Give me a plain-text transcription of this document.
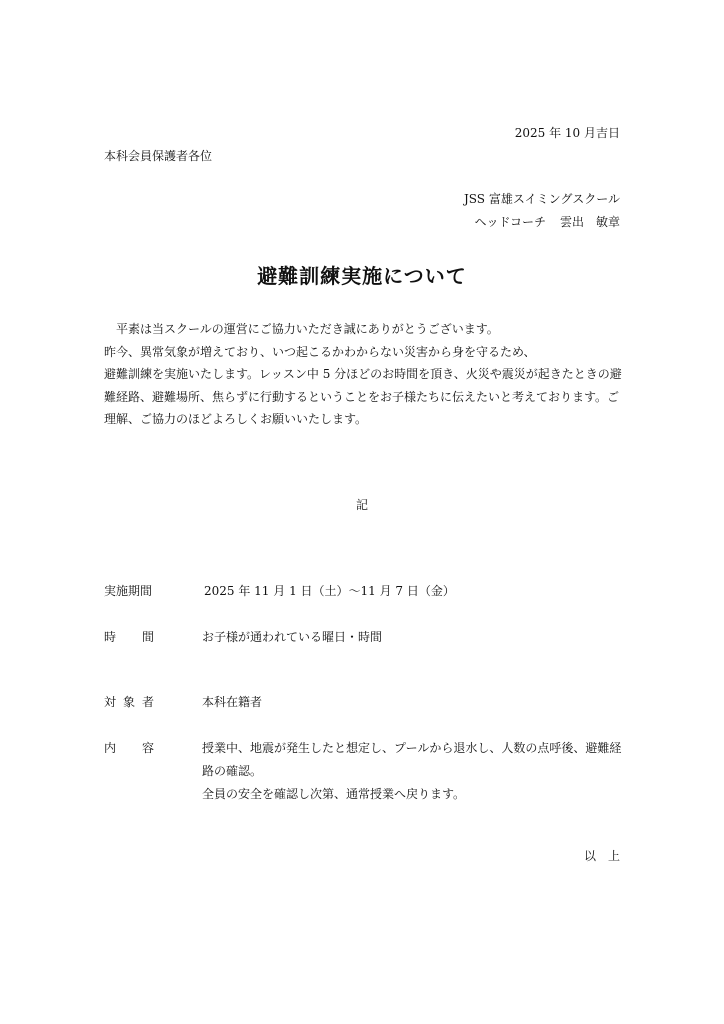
2025 年 10 月吉日
本科会員保護者各位
JSS 富雄スイミングスクール
ヘッドコーチ 雲出　敏章
避難訓練実施について

平素は当スクールの運営にご協力いただき誠にありがとうございます。

昨今、異常気象が増えており、いつ起こるかわからない災害から身を守るため、

避難訓練を実施いたします。レッスン中 5 分ほどのお時間を頂き、火災や震災が起きたときの避難経路、避難場所、焦らずに行動するということをお子様たちに伝えたいと考えております。ご理解、ご協力のほどよろしくお願いいたします。

記
実施期間	2025 年 11 月 1 日（土）～11 月 7 日（金）
時 間	お子様が通われている曜日・時間
対 象 者	本科在籍者
内 容	授業中、地震が発生したと想定し、プールから退水し、人数の点呼後、避難経路の確認。

全員の安全を確認し次第、通常授業へ戻ります。

以上
